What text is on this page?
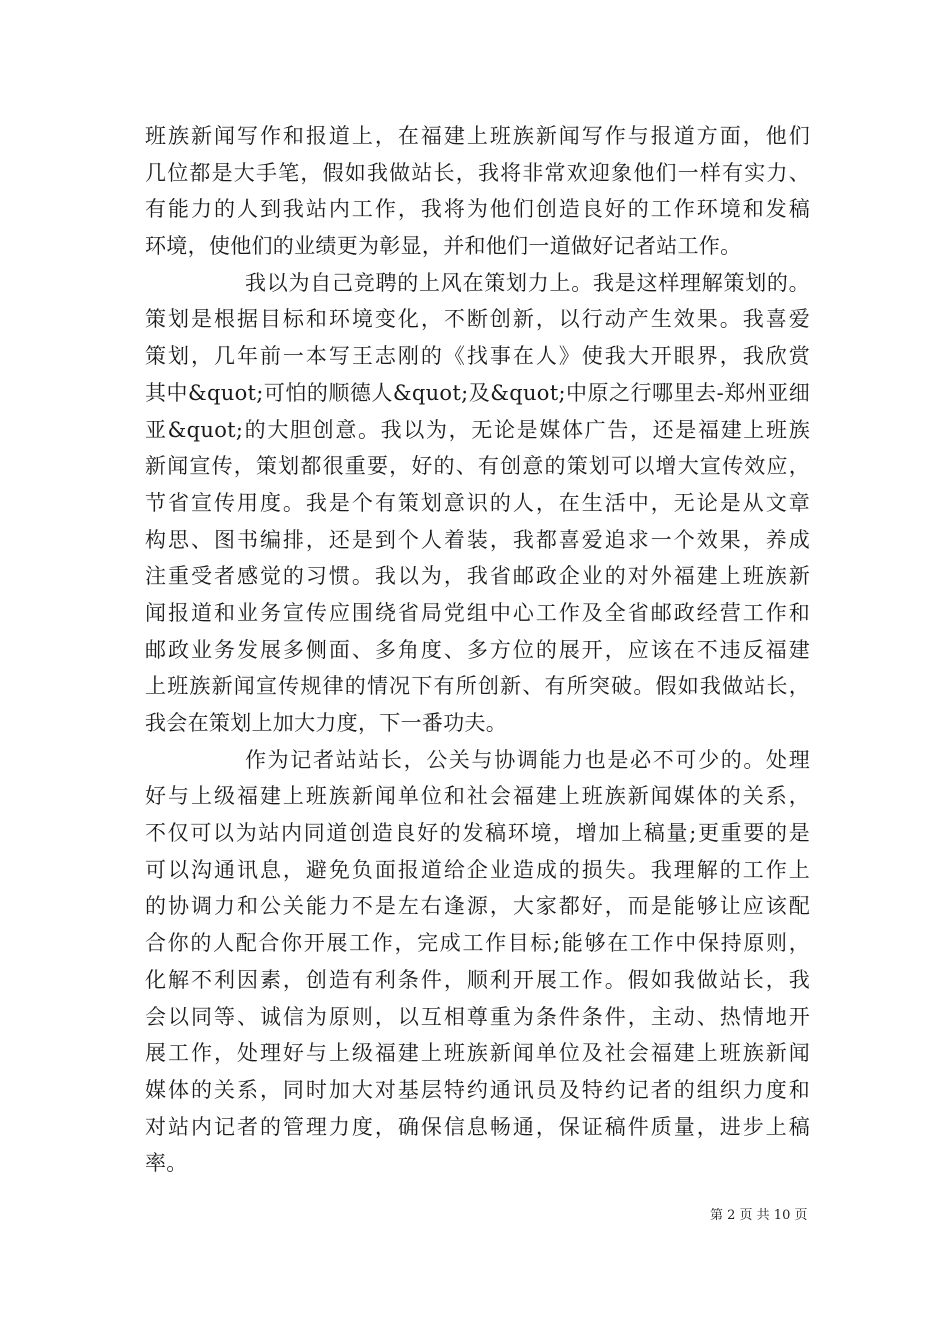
班族新闻写作和报道上，在福建上班族新闻写作与报道方面，他们
几位都是大手笔，假如我做站长，我将非常欢迎象他们一样有实力、
有能力的人到我站内工作，我将为他们创造良好的工作环境和发稿
环境，使他们的业绩更为彰显，并和他们一道做好记者站工作。
我以为自己竞聘的上风在策划力上。我是这样理解策划的。
策划是根据目标和环境变化，不断创新，以行动产生效果。我喜爱
策划，几年前一本写王志刚的《找事在人》使我大开眼界，我欣赏
其中&quot;可怕的顺德人&quot;及&quot;中原之行哪里去-郑州亚细
亚&quot;的大胆创意。我以为，无论是媒体广告，还是福建上班族
新闻宣传，策划都很重要，好的、有创意的策划可以增大宣传效应，
节省宣传用度。我是个有策划意识的人，在生活中，无论是从文章
构思、图书编排，还是到个人着装，我都喜爱追求一个效果，养成
注重受者感觉的习惯。我以为，我省邮政企业的对外福建上班族新
闻报道和业务宣传应围绕省局党组中心工作及全省邮政经营工作和
邮政业务发展多侧面、多角度、多方位的展开，应该在不违反福建
上班族新闻宣传规律的情况下有所创新、有所突破。假如我做站长，
我会在策划上加大力度，下一番功夫。
作为记者站站长，公关与协调能力也是必不可少的。处理
好与上级福建上班族新闻单位和社会福建上班族新闻媒体的关系，
不仅可以为站内同道创造良好的发稿环境，增加上稿量;更重要的是
可以沟通讯息，避免负面报道给企业造成的损失。我理解的工作上
的协调力和公关能力不是左右逢源，大家都好，而是能够让应该配
合你的人配合你开展工作，完成工作目标;能够在工作中保持原则，
化解不利因素，创造有利条件，顺利开展工作。假如我做站长，我
会以同等、诚信为原则，以互相尊重为条件条件，主动、热情地开
展工作，处理好与上级福建上班族新闻单位及社会福建上班族新闻
媒体的关系，同时加大对基层特约通讯员及特约记者的组织力度和
对站内记者的管理力度，确保信息畅通，保证稿件质量，进步上稿
率。
第 2 页 共 10 页
